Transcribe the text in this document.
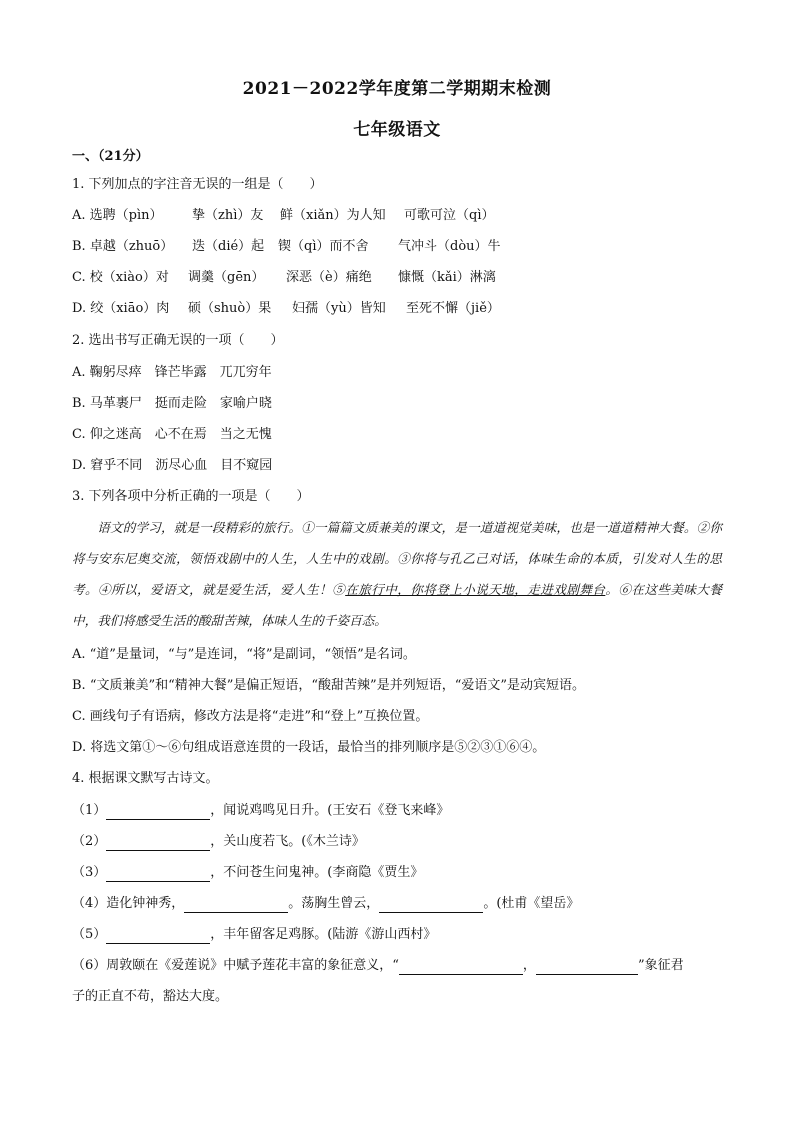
2021－2022学年度第二学期期末检测
七年级语文
一、（21分）
1. 下列加点的字注音无误的一组是（　　）
A. 选聘（pìn） 挚（zhì）友 鲜（xiǎn）为人知 可歌可泣（qì）
B. 卓越（zhuō） 迭（dié）起 锲（qì）而不舍 气冲斗（dòu）牛
C. 校（xiào）对 调羹（gēn） 深恶（è）痛绝 慷慨（kǎi）淋漓
D. 绞（xiāo）肉 硕（shuò）果 妇孺（yù）皆知 至死不懈（jiě）
2. 选出书写正确无误的一项（　　）
A. 鞠躬尽瘁　锋芒毕露　兀兀穷年
B. 马革裹尸　挺而走险　家喻户晓
C. 仰之迷高　心不在焉　当之无愧
D. 窘乎不同　沥尽心血　目不窥园
3. 下列各项中分析正确的一项是（　　）

语文的学习，就是一段精彩的旅行。①一篇篇文质兼美的课文，是一道道视觉美味，也是一道道精神大餐。②你将与安东尼奥交流，领悟戏剧中的人生，人生中的戏剧。③你将与孔乙己对话，体味生命的本质，引发对人生的思考。④所以，爱语文，就是爱生活，爱人生！⑤在旅行中，你将登上小说天地，走进戏剧舞台。⑥在这些美味大餐中，我们将感受生活的酸甜苦辣，体味人生的千姿百态。

A. “道”是量词，“与”是连词，“将”是副词，“领悟”是名词。
B. “文质兼美”和“精神大餐”是偏正短语，“酸甜苦辣”是并列短语，“爱语文”是动宾短语。
C. 画线句子有语病，修改方法是将“走进”和“登上”互换位置。
D. 将选文第①～⑥句组成语意连贯的一段话，最恰当的排列顺序是⑤②③①⑥④。
4. 根据课文默写古诗文。
（1）	，闻说鸡鸣见日升。(王安石《登飞来峰》
（2）	，关山度若飞。(《木兰诗》
（3）	，不问苍生问鬼神。(李商隐《贾生》
（4）造化钟神秀，	。荡胸生曾云，	。(杜甫《望岳》
（5）	，丰年留客足鸡豚。(陆游《游山西村》
（6）周敦颐在《爱莲说》中赋予莲花丰富的象征意义，“	，	”象征君
子的正直不苟，豁达大度。
